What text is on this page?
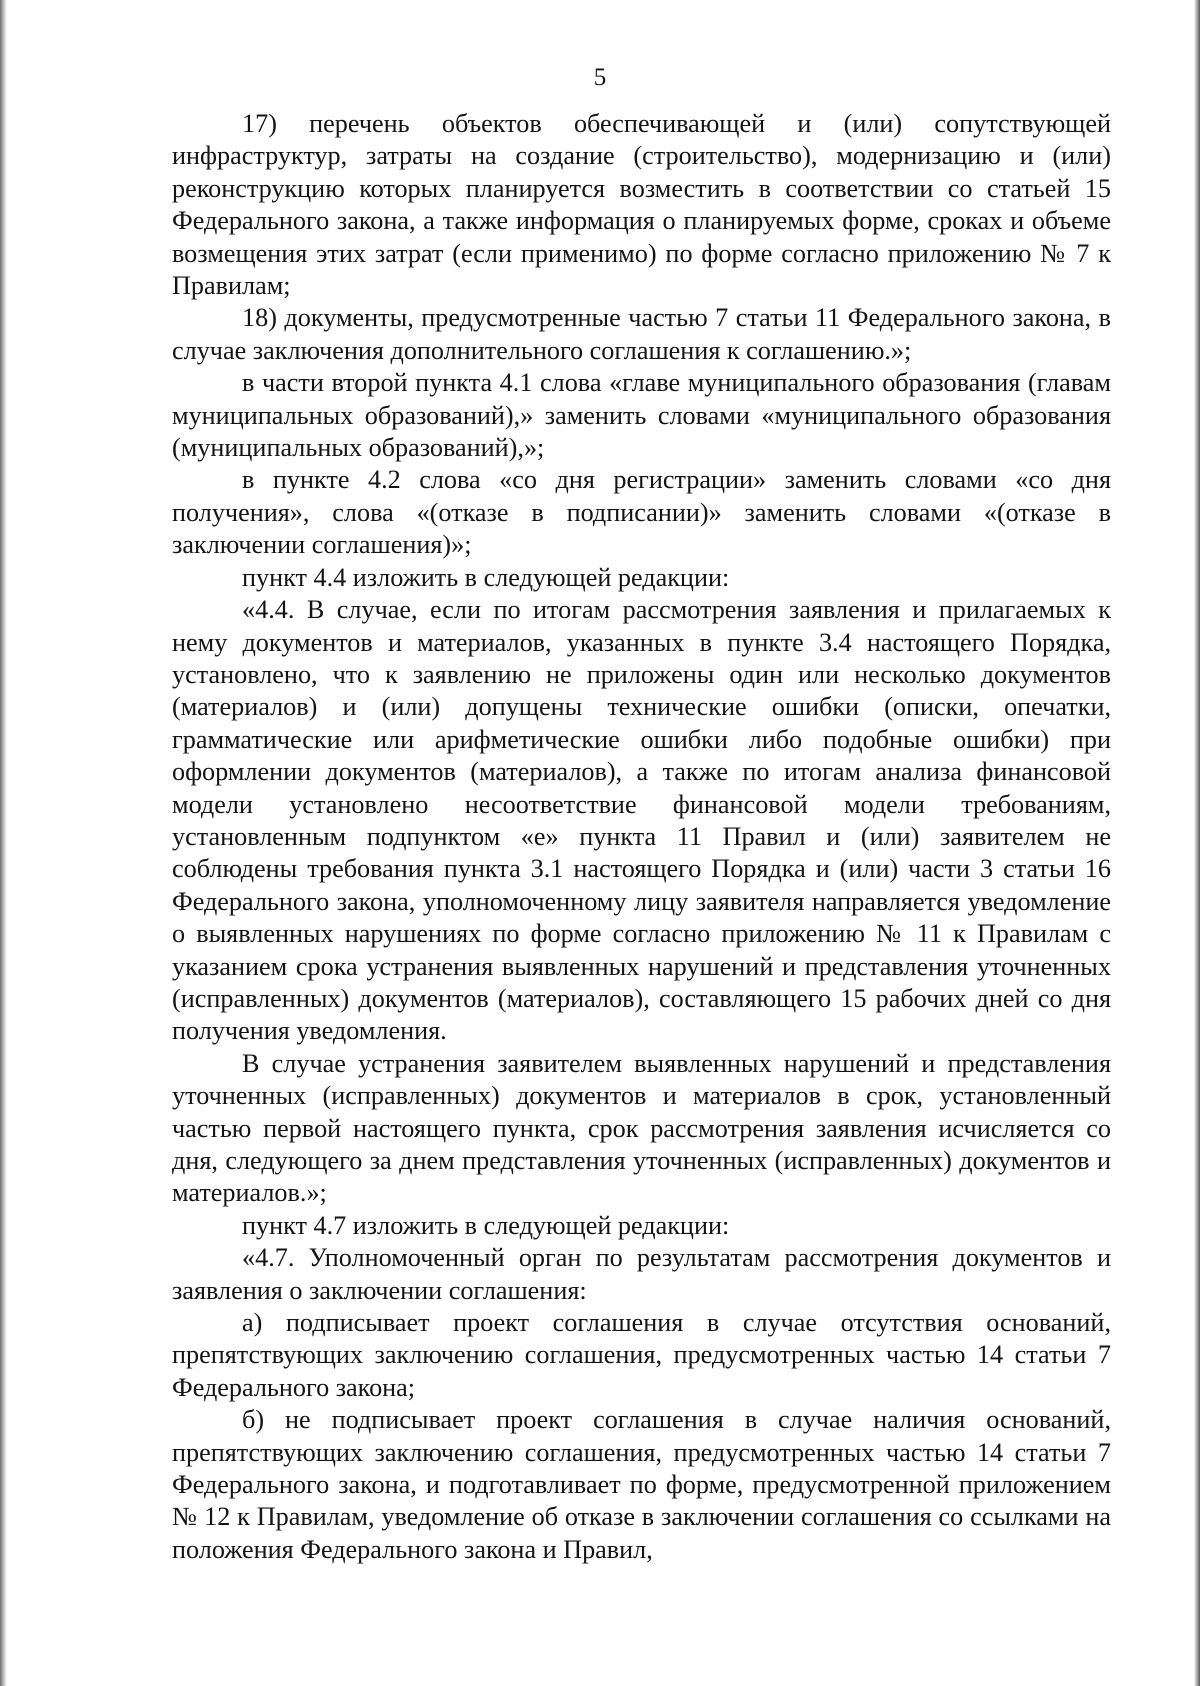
5

17) перечень объектов обеспечивающей и (или) сопутствующей инфраструктур, затраты на создание (строительство), модернизацию и (или) реконструкцию которых планируется возместить в соответствии со статьей 15 Федерального закона, а также информация о планируемых форме, сроках и объеме возмещения этих затрат (если применимо) по форме согласно приложению № 7 к Правилам;

18) документы, предусмотренные частью 7 статьи 11 Федерального закона, в случае заключения дополнительного соглашения к соглашению.»;

в части второй пункта 4.1 слова «главе муниципального образования (главам муниципальных образований),» заменить словами «муниципального образования (муниципальных образований),»;

в пункте 4.2 слова «со дня регистрации» заменить словами «со дня получения», слова «(отказе в подписании)» заменить словами «(отказе в заключении соглашения)»;

пункт 4.4 изложить в следующей редакции:

«4.4. В случае, если по итогам рассмотрения заявления и прилагаемых к нему документов и материалов, указанных в пункте 3.4 настоящего Порядка, установлено, что к заявлению не приложены один или несколько документов (материалов) и (или) допущены технические ошибки (описки, опечатки, грамматические или арифметические ошибки либо подобные ошибки) при оформлении документов (материалов), а также по итогам анализа финансовой модели установлено несоответствие финансовой модели требованиям, установленным подпунктом «е» пункта 11 Правил и (или) заявителем не соблюдены требования пункта 3.1 настоящего Порядка и (или) части 3 статьи 16 Федерального закона, уполномоченному лицу заявителя направляется уведомление о выявленных нарушениях по форме согласно приложению № 11 к Правилам с указанием срока устранения выявленных нарушений и представления уточненных (исправленных) документов (материалов), составляющего 15 рабочих дней со дня получения уведомления.

В случае устранения заявителем выявленных нарушений и представления уточненных (исправленных) документов и материалов в срок, установленный частью первой настоящего пункта, срок рассмотрения заявления исчисляется со дня, следующего за днем представления уточненных (исправленных) документов и материалов.»;

пункт 4.7 изложить в следующей редакции:

«4.7. Уполномоченный орган по результатам рассмотрения документов и заявления о заключении соглашения:

а) подписывает проект соглашения в случае отсутствия оснований, препятствующих заключению соглашения, предусмотренных частью 14 статьи 7 Федерального закона;

б) не подписывает проект соглашения в случае наличия оснований, препятствующих заключению соглашения, предусмотренных частью 14 статьи 7 Федерального закона, и подготавливает по форме, предусмотренной приложением № 12 к Правилам, уведомление об отказе в заключении соглашения со ссылками на положения Федерального закона и Правил,
